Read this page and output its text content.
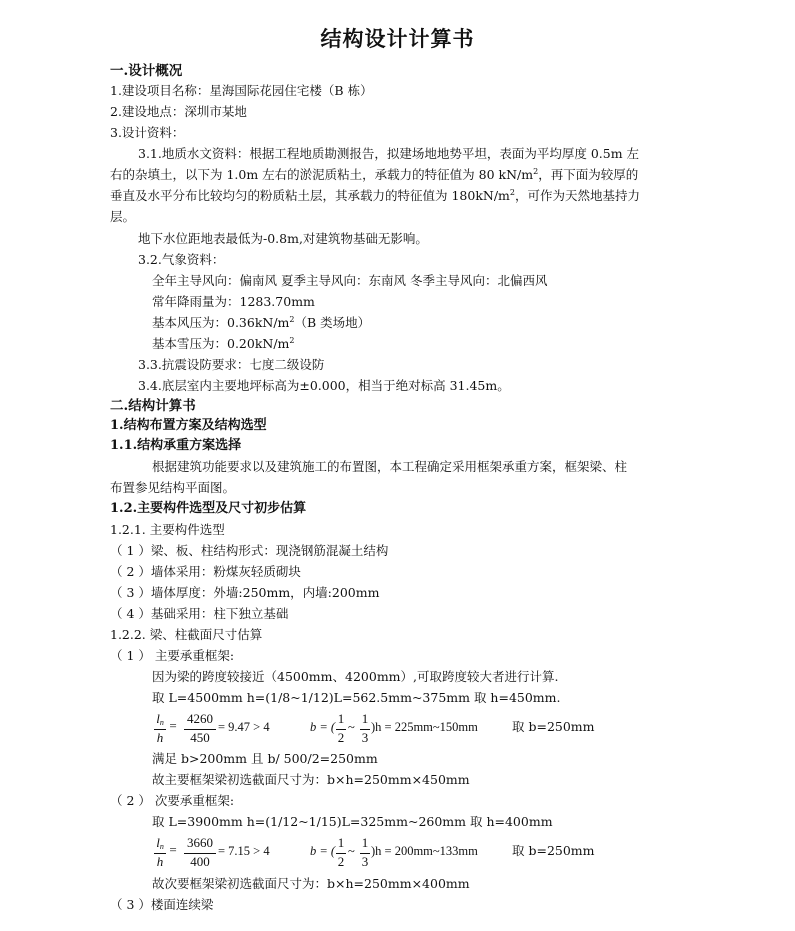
结构设计计算书
一.设计概况
1.建设项目名称：星海国际花园住宅楼（B 栋）
2.建设地点：深圳市某地
3.设计资料：
3.1.地质水文资料：根据工程地质勘测报告，拟建场地地势平坦，表面为平均厚度 0.5m 左
右的杂填土，以下为 1.0m 左右的淤泥质粘土，承载力的特征值为 80 $kN/m^2$，再下面为较厚的
垂直及水平分布比较均匀的粉质粘土层，其承载力的特征值为 $180kN/m^2$，可作为天然地基持力
层。
地下水位距地表最低为-0.8m,对建筑物基础无影响。
3.2.气象资料：
全年主导风向：偏南风 夏季主导风向：东南风 冬季主导风向：北偏西风
常年降雨量为：1283.70mm
基本风压为：$0.36kN/m^2(B$ 类场地）
基本雪压为：$0.20kN/m^2$
3.3.抗震设防要求：七度二级设防
3.4.底层室内主要地坪标高为±0.000，相当于绝对标高 31.45m。
二.结构计算书
1.结构布置方案及结构选型
1.1.结构承重方案选择
根据建筑功能要求以及建筑施工的布置图，本工程确定采用框架承重方案，框架梁、柱
布置参见结构平面图。
1.2.主要构件选型及尺寸初步估算
1.2.1. 主要构件选型
（ 1 ）梁、板、柱结构形式：现浇钢筋混凝土结构
（ 2 ）墙体采用：粉煤灰轻质砌块
（ 3 ）墙体厚度：外墙:250mm，内墙:200mm
（ 4 ）基础采用：柱下独立基础
1.2.2. 梁、柱截面尺寸估算
（ 1 ） 主要承重框架:
因为梁的跨度较接近（4500mm、4200mm）,可取跨度较大者进行计算.
取 L=4500mm h=(1/8~1/12)L=562.5mm~375mm 取 h=450mm.
$l_n$
h
= 4260
450
= 9.47 > 4	b = (
1
2
~
1
3
)h = 225mm~150mm	取 b=250mm
满足 b>200mm 且 b/ 500/2=250mm
故主要框架梁初选截面尺寸为：b×h=250mm×450mm
（ 2 ） 次要承重框架:
取 L=3900mm h=(1/12~1/15)L=325mm~260mm 取 h=400mm
$l_n$
h
= 3660
400
= 7.15 > 4	b = (
1
2
~
1
3
)h = 200mm~133mm	取 b=250mm
故次要框架梁初选截面尺寸为：b×h=250mm×400mm
（ 3 ）楼面连续梁
